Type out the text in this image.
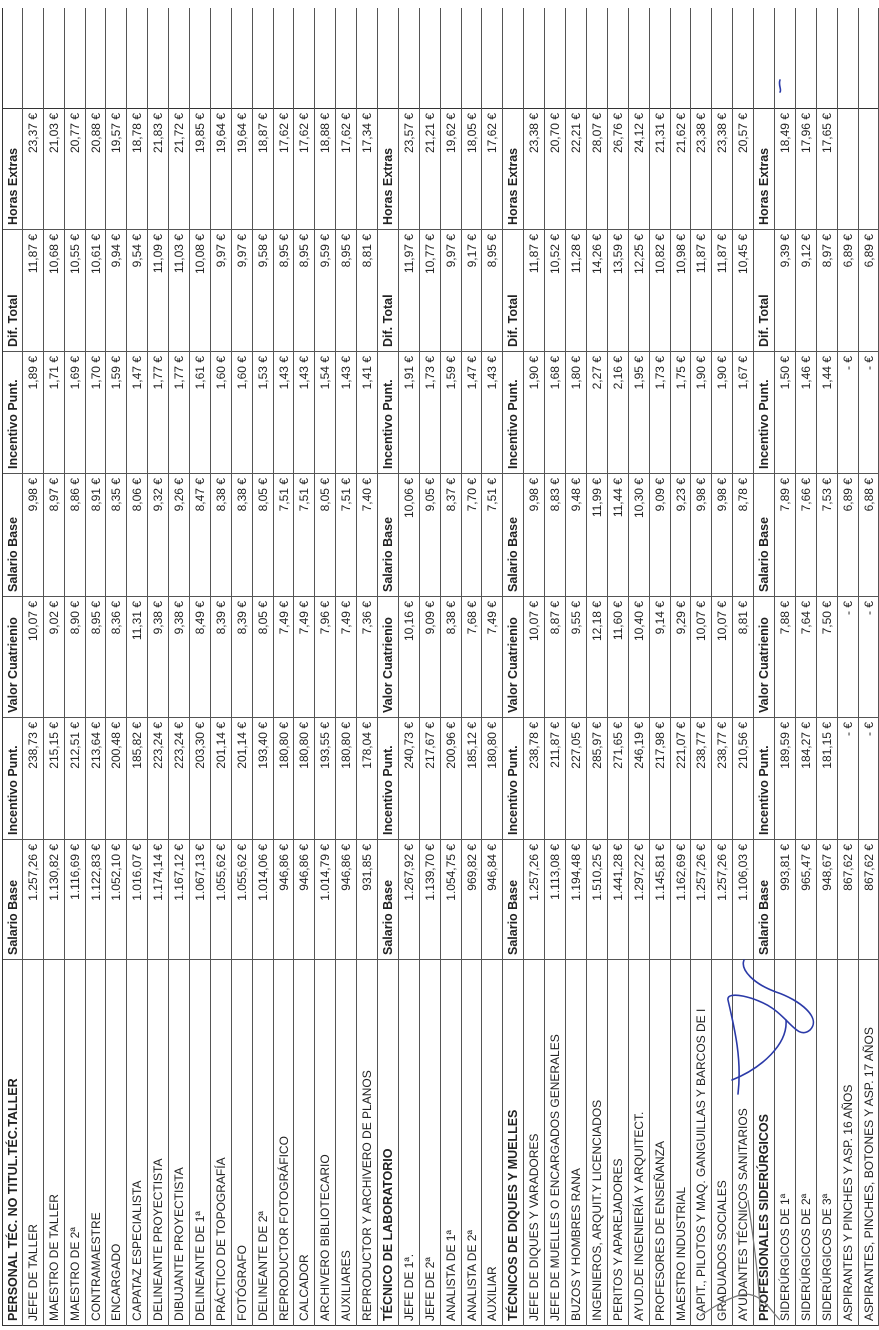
PERSONAL TÉC. NO TITUL.TÉC.TALLER
Salario Base
Incentivo Punt.
Valor Cuatrienio
Salario Base
Incentivo Punt.
Dif. Total
Horas Extras
JEFE DE TALLER
1.257,26 €
238,73 €
10,07 €
9,98 €
1,89 €
11,87 €
23,37 €
MAESTRO DE TALLER
1.130,82 €
215,15 €
9,02 €
8,97 €
1,71 €
10,68 €
21,03 €
MAESTRO DE 2ª
1.116,69 €
212,51 €
8,90 €
8,86 €
1,69 €
10,55 €
20,77 €
CONTRAMAESTRE
1.122,83 €
213,64 €
8,95 €
8,91 €
1,70 €
10,61 €
20,88 €
ENCARGADO
1.052,10 €
200,48 €
8,36 €
8,35 €
1,59 €
9,94 €
19,57 €
CAPATAZ ESPECIALISTA
1.016,07 €
185,82 €
11,31 €
8,06 €
1,47 €
9,54 €
18,78 €
DELINEANTE PROYECTISTA
1.174,14 €
223,24 €
9,38 €
9,32 €
1,77 €
11,09 €
21,83 €
DIBUJANTE PROYECTISTA
1.167,12 €
223,24 €
9,38 €
9,26 €
1,77 €
11,03 €
21,72 €
DELINEANTE DE 1ª
1.067,13 €
203,30 €
8,49 €
8,47 €
1,61 €
10,08 €
19,85 €
PRÁCTICO DE TOPOGRAFÍA
1.055,62 €
201,14 €
8,39 €
8,38 €
1,60 €
9,97 €
19,64 €
FOTÓGRAFO
1.055,62 €
201,14 €
8,39 €
8,38 €
1,60 €
9,97 €
19,64 €
DELINEANTE DE 2ª
1.014,06 €
193,40 €
8,05 €
8,05 €
1,53 €
9,58 €
18,87 €
REPRODUCTOR FOTOGRÁFICO
946,86 €
180,80 €
7,49 €
7,51 €
1,43 €
8,95 €
17,62 €
CALCADOR
946,86 €
180,80 €
7,49 €
7,51 €
1,43 €
8,95 €
17,62 €
ARCHIVERO BIBLIOTECARIO
1.014,79 €
193,55 €
7,96 €
8,05 €
1,54 €
9,59 €
18,88 €
AUXILIARES
946,86 €
180,80 €
7,49 €
7,51 €
1,43 €
8,95 €
17,62 €
REPRODUCTOR Y ARCHIVERO DE PLANOS
931,85 €
178,04 €
7,36 €
7,40 €
1,41 €
8,81 €
17,34 €
TÉCNICO DE LABORATORIO
Salario Base
Incentivo Punt.
Valor Cuatrienio
Salario Base
Incentivo Punt.
Dif. Total
Horas Extras
JEFE DE 1ª.
1.267,92 €
240,73 €
10,16 €
10,06 €
1,91 €
11,97 €
23,57 €
JEFE DE 2ª
1.139,70 €
217,67 €
9,09 €
9,05 €
1,73 €
10,77 €
21,21 €
ANALISTA DE 1ª
1.054,75 €
200,96 €
8,38 €
8,37 €
1,59 €
9,97 €
19,62 €
ANALISTA DE 2ª
969,82 €
185,12 €
7,68 €
7,70 €
1,47 €
9,17 €
18,05 €
AUXILIAR
946,84 €
180,80 €
7,49 €
7,51 €
1,43 €
8,95 €
17,62 €
TÉCNICOS DE DIQUES Y MUELLES
Salario Base
Incentivo Punt.
Valor Cuatrienio
Salario Base
Incentivo Punt.
Dif. Total
Horas Extras
JEFE DE DIQUES Y VARADORES
1.257,26 €
238,78 €
10,07 €
9,98 €
1,90 €
11,87 €
23,38 €
JEFE DE MUELLES O ENCARGADOS GENERALES
1.113,08 €
211,87 €
8,87 €
8,83 €
1,68 €
10,52 €
20,70 €
BUZOS Y HOMBRES RANA
1.194,48 €
227,05 €
9,55 €
9,48 €
1,80 €
11,28 €
22,21 €
INGENIEROS, ARQUIT.Y LICENCIADOS
1.510,25 €
285,97 €
12,18 €
11,99 €
2,27 €
14,26 €
28,07 €
PERITOS Y APAREJADORES
1.441,28 €
271,65 €
11,60 €
11,44 €
2,16 €
13,59 €
26,76 €
AYUD.DE INGENIERÍA Y ARQUITECT.
1.297,22 €
246,19 €
10,40 €
10,30 €
1,95 €
12,25 €
24,12 €
PROFESORES DE ENSEÑANZA
1.145,81 €
217,98 €
9,14 €
9,09 €
1,73 €
10,82 €
21,31 €
MAESTRO INDUSTRIAL
1.162,69 €
221,07 €
9,29 €
9,23 €
1,75 €
10,98 €
21,62 €
CAPIT., PILOTOS Y MAQ. GANGUILLAS Y BARCOS DE I
1.257,26 €
238,77 €
10,07 €
9,98 €
1,90 €
11,87 €
23,38 €
GRADUADOS SOCIALES
1.257,26 €
238,77 €
10,07 €
9,98 €
1,90 €
11,87 €
23,38 €
AYUDANTES TÉCNICOS SANITARIOS
1.106,03 €
210,56 €
8,81 €
8,78 €
1,67 €
10,45 €
20,57 €
PROFESIONALES SIDERÚRGICOS
Salario Base
Incentivo Punt.
Valor Cuatrienio
Salario Base
Incentivo Punt.
Dif. Total
Horas Extras
SIDERÚRGICOS DE 1ª
993,81 €
189,59 €
7,88 €
7,89 €
1,50 €
9,39 €
18,49 €
SIDERÚRGICOS DE 2ª
965,47 €
184,27 €
7,64 €
7,66 €
1,46 €
9,12 €
17,96 €
SIDERÚRGICOS DE 3ª
948,67 €
181,15 €
7,50 €
7,53 €
1,44 €
8,97 €
17,65 €
ASPIRANTES Y PINCHES Y ASP. 16 AÑOS
867,62 €
- €
- €
6,89 €
- €
6,89 €
ASPIRANTES, PINCHES, BOTONES Y ASP. 17 AÑOS
867,62 €
- €
- €
6,88 €
- €
6,89 €
